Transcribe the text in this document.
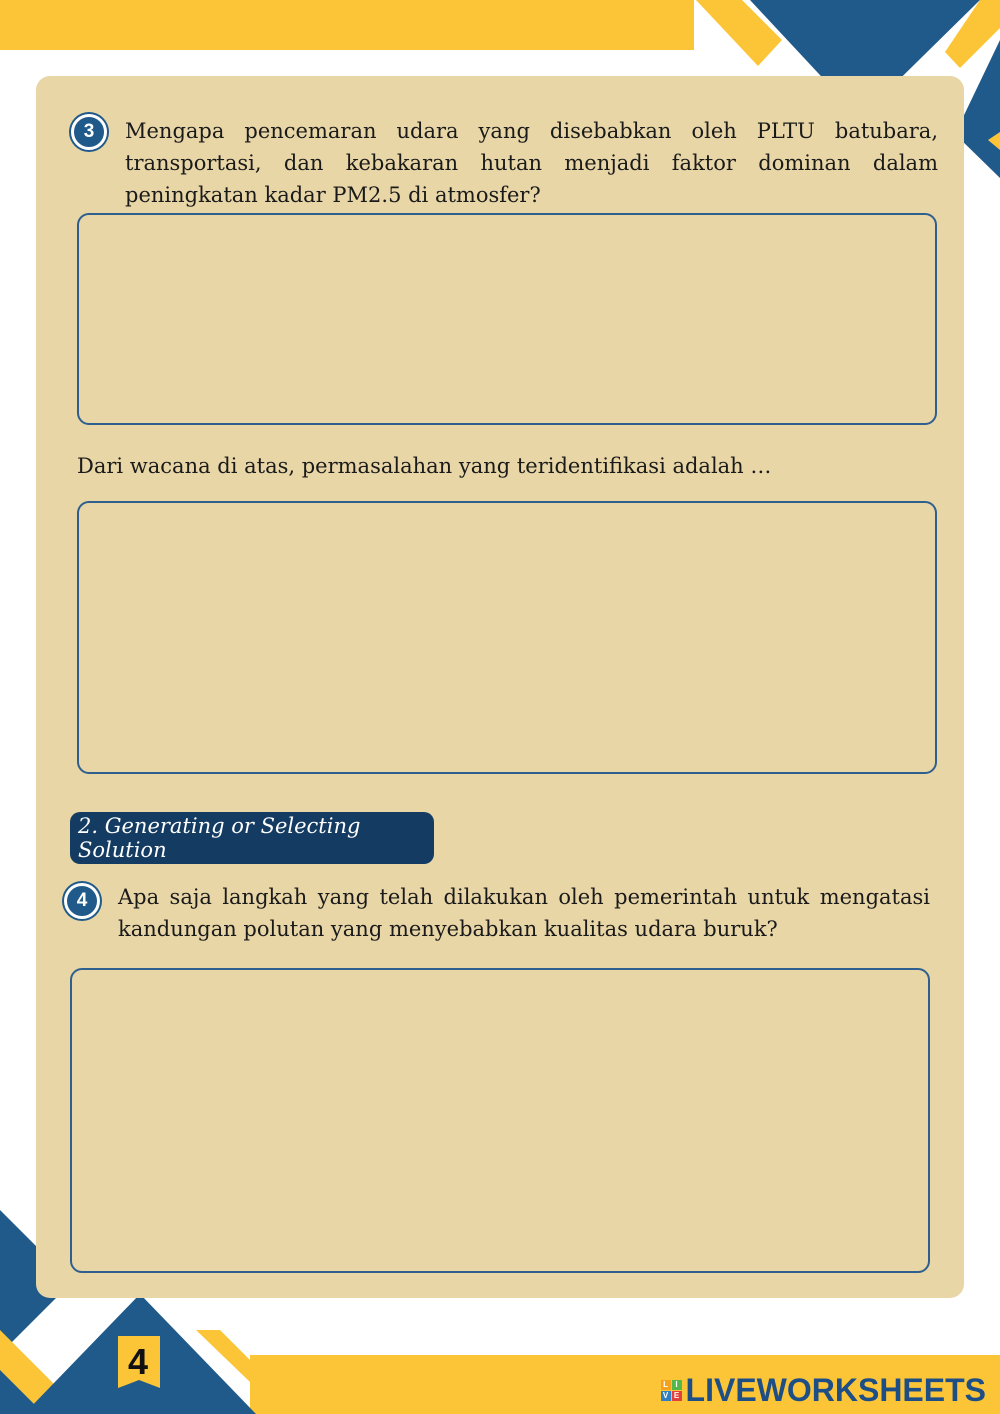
3	Mengapa pencemaran udara yang disebabkan oleh PLTU batubara, transportasi, dan kebakaran hutan menjadi faktor dominan dalam peningkatan kadar PM2.5 di atmosfer?
Dari wacana di atas, permasalahan yang teridentifikasi adalah …
2. Generating or Selecting Solution
4	Apa saja langkah yang telah dilakukan oleh pemerintah untuk mengatasi kandungan polutan yang menyebabkan kualitas udara buruk?
4
L I
V E LIVEWORKSHEETS
